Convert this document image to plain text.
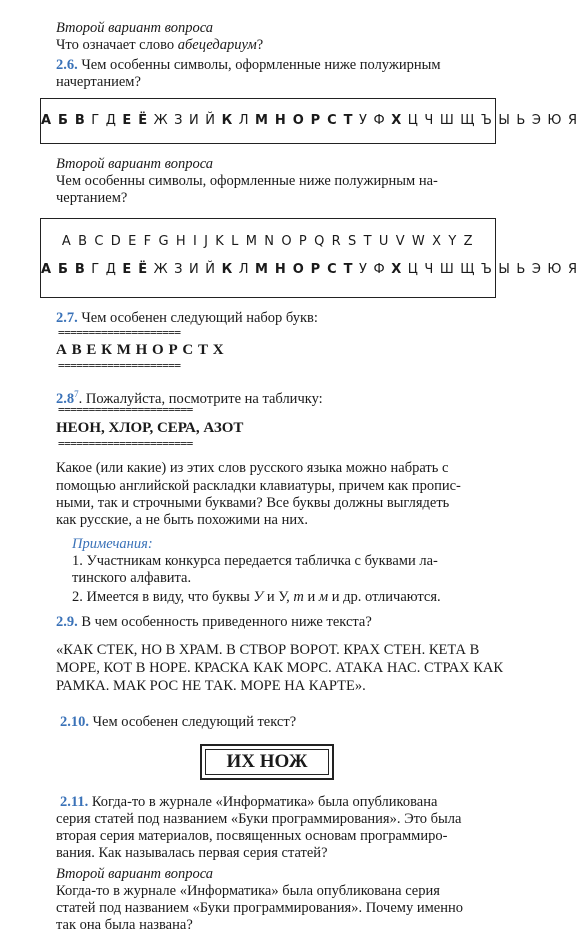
Второй вариант вопроса
Что означает слово абецедариум?
2.6. Чем особенны символы, оформленные ниже полужирным
начертанием?
А Б В Г Д Е Ё Ж З И Й К Л М Н О Р С Т У Ф Х Ц Ч Ш Щ Ъ Ы Ь Э Ю Я
Второй вариант вопроса
Чем особенны символы, оформленные ниже полужирным на-
чертанием?
A B C D E F G H I J K L M N O P Q R S T U V W X Y Z
А Б В Г Д Е Ё Ж З И Й К Л М Н О Р С Т У Ф Х Ц Ч Ш Щ Ъ Ы Ь Э Ю Я
2.7. Чем особенен следующий набор букв:
====================
А В Е К М Н О Р С Т Х
====================
$2.8^7$. Пожалуйста, посмотрите на табличку:
======================
НЕОН, ХЛОР, СЕРА, АЗОТ
======================
Какое (или какие) из этих слов русского языка можно набрать с
помощью английской раскладки клавиатуры, причем как пропис-
ными, так и строчными буквами? Все буквы должны выглядеть
как русские, а не быть похожими на них.
Примечания:
1. Участникам конкурса передается табличка с буквами ла-
тинского алфавита.
2. Имеется в виду, что буквы У и У, т и м и др. отличаются.
2.9. В чем особенность приведенного ниже текста?
«КАК СТЕК, НО В ХРАМ. В СТВОР ВОРОТ. КРАХ СТЕН. КЕТА В
МОРЕ, КОТ В НОРЕ. КРАСКА КАК МОРС. АТАКА НАС. СТРАХ КАК
РАМКА. МАК РОС НЕ ТАК. МОРЕ НА КАРТЕ».
2.10. Чем особенен следующий текст?
ИХ НОЖ
2.11. Когда-то в журнале «Информатика» была опубликована
серия статей под названием «Буки программирования». Это была
вторая серия материалов, посвященных основам программиро-
вания. Как называлась первая серия статей?
Второй вариант вопроса
Когда-то в журнале «Информатика» была опубликована серия
статей под названием «Буки программирования». Почему именно
так она была названа?
